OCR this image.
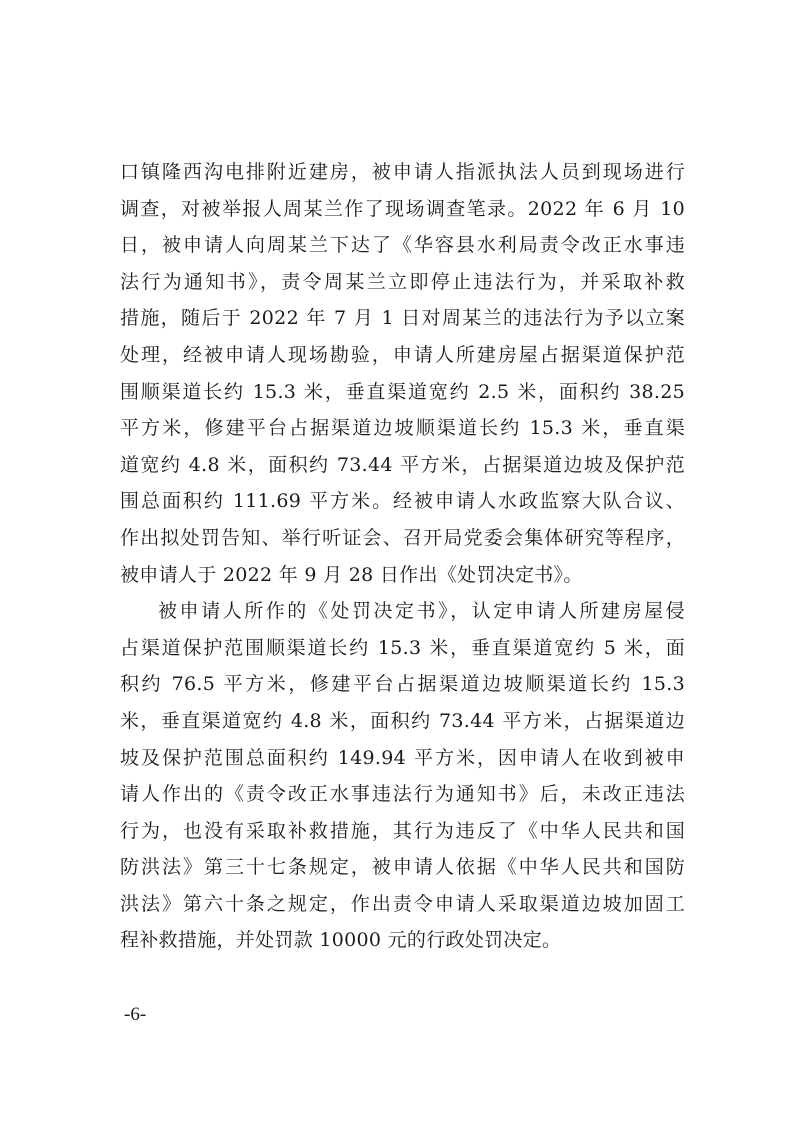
口镇隆西沟电排附近建房，被申请人指派执法人员到现场进行
调查，对被举报人周某兰作了现场调查笔录。2022 年 6 月 10
日，被申请人向周某兰下达了《华容县水利局责令改正水事违
法行为通知书》，责令周某兰立即停止违法行为，并采取补救
措施，随后于 2022 年 7 月 1 日对周某兰的违法行为予以立案
处理，经被申请人现场勘验，申请人所建房屋占据渠道保护范
围顺渠道长约 15.3 米，垂直渠道宽约 2.5 米，面积约 38.25
平方米，修建平台占据渠道边坡顺渠道长约 15.3 米，垂直渠
道宽约 4.8 米，面积约 73.44 平方米，占据渠道边坡及保护范
围总面积约 111.69 平方米。经被申请人水政监察大队合议、
作出拟处罚告知、举行听证会、召开局党委会集体研究等程序，
被申请人于 2022 年 9 月 28 日作出《处罚决定书》。
被申请人所作的《处罚决定书》，认定申请人所建房屋侵
占渠道保护范围顺渠道长约 15.3 米，垂直渠道宽约 5 米，面
积约 76.5 平方米，修建平台占据渠道边坡顺渠道长约 15.3
米，垂直渠道宽约 4.8 米，面积约 73.44 平方米，占据渠道边
坡及保护范围总面积约 149.94 平方米，因申请人在收到被申
请人作出的《责令改正水事违法行为通知书》后，未改正违法
行为，也没有采取补救措施，其行为违反了《中华人民共和国
防洪法》第三十七条规定，被申请人依据《中华人民共和国防
洪法》第六十条之规定，作出责令申请人采取渠道边坡加固工
程补救措施，并处罚款 10000 元的行政处罚决定。
-6-
